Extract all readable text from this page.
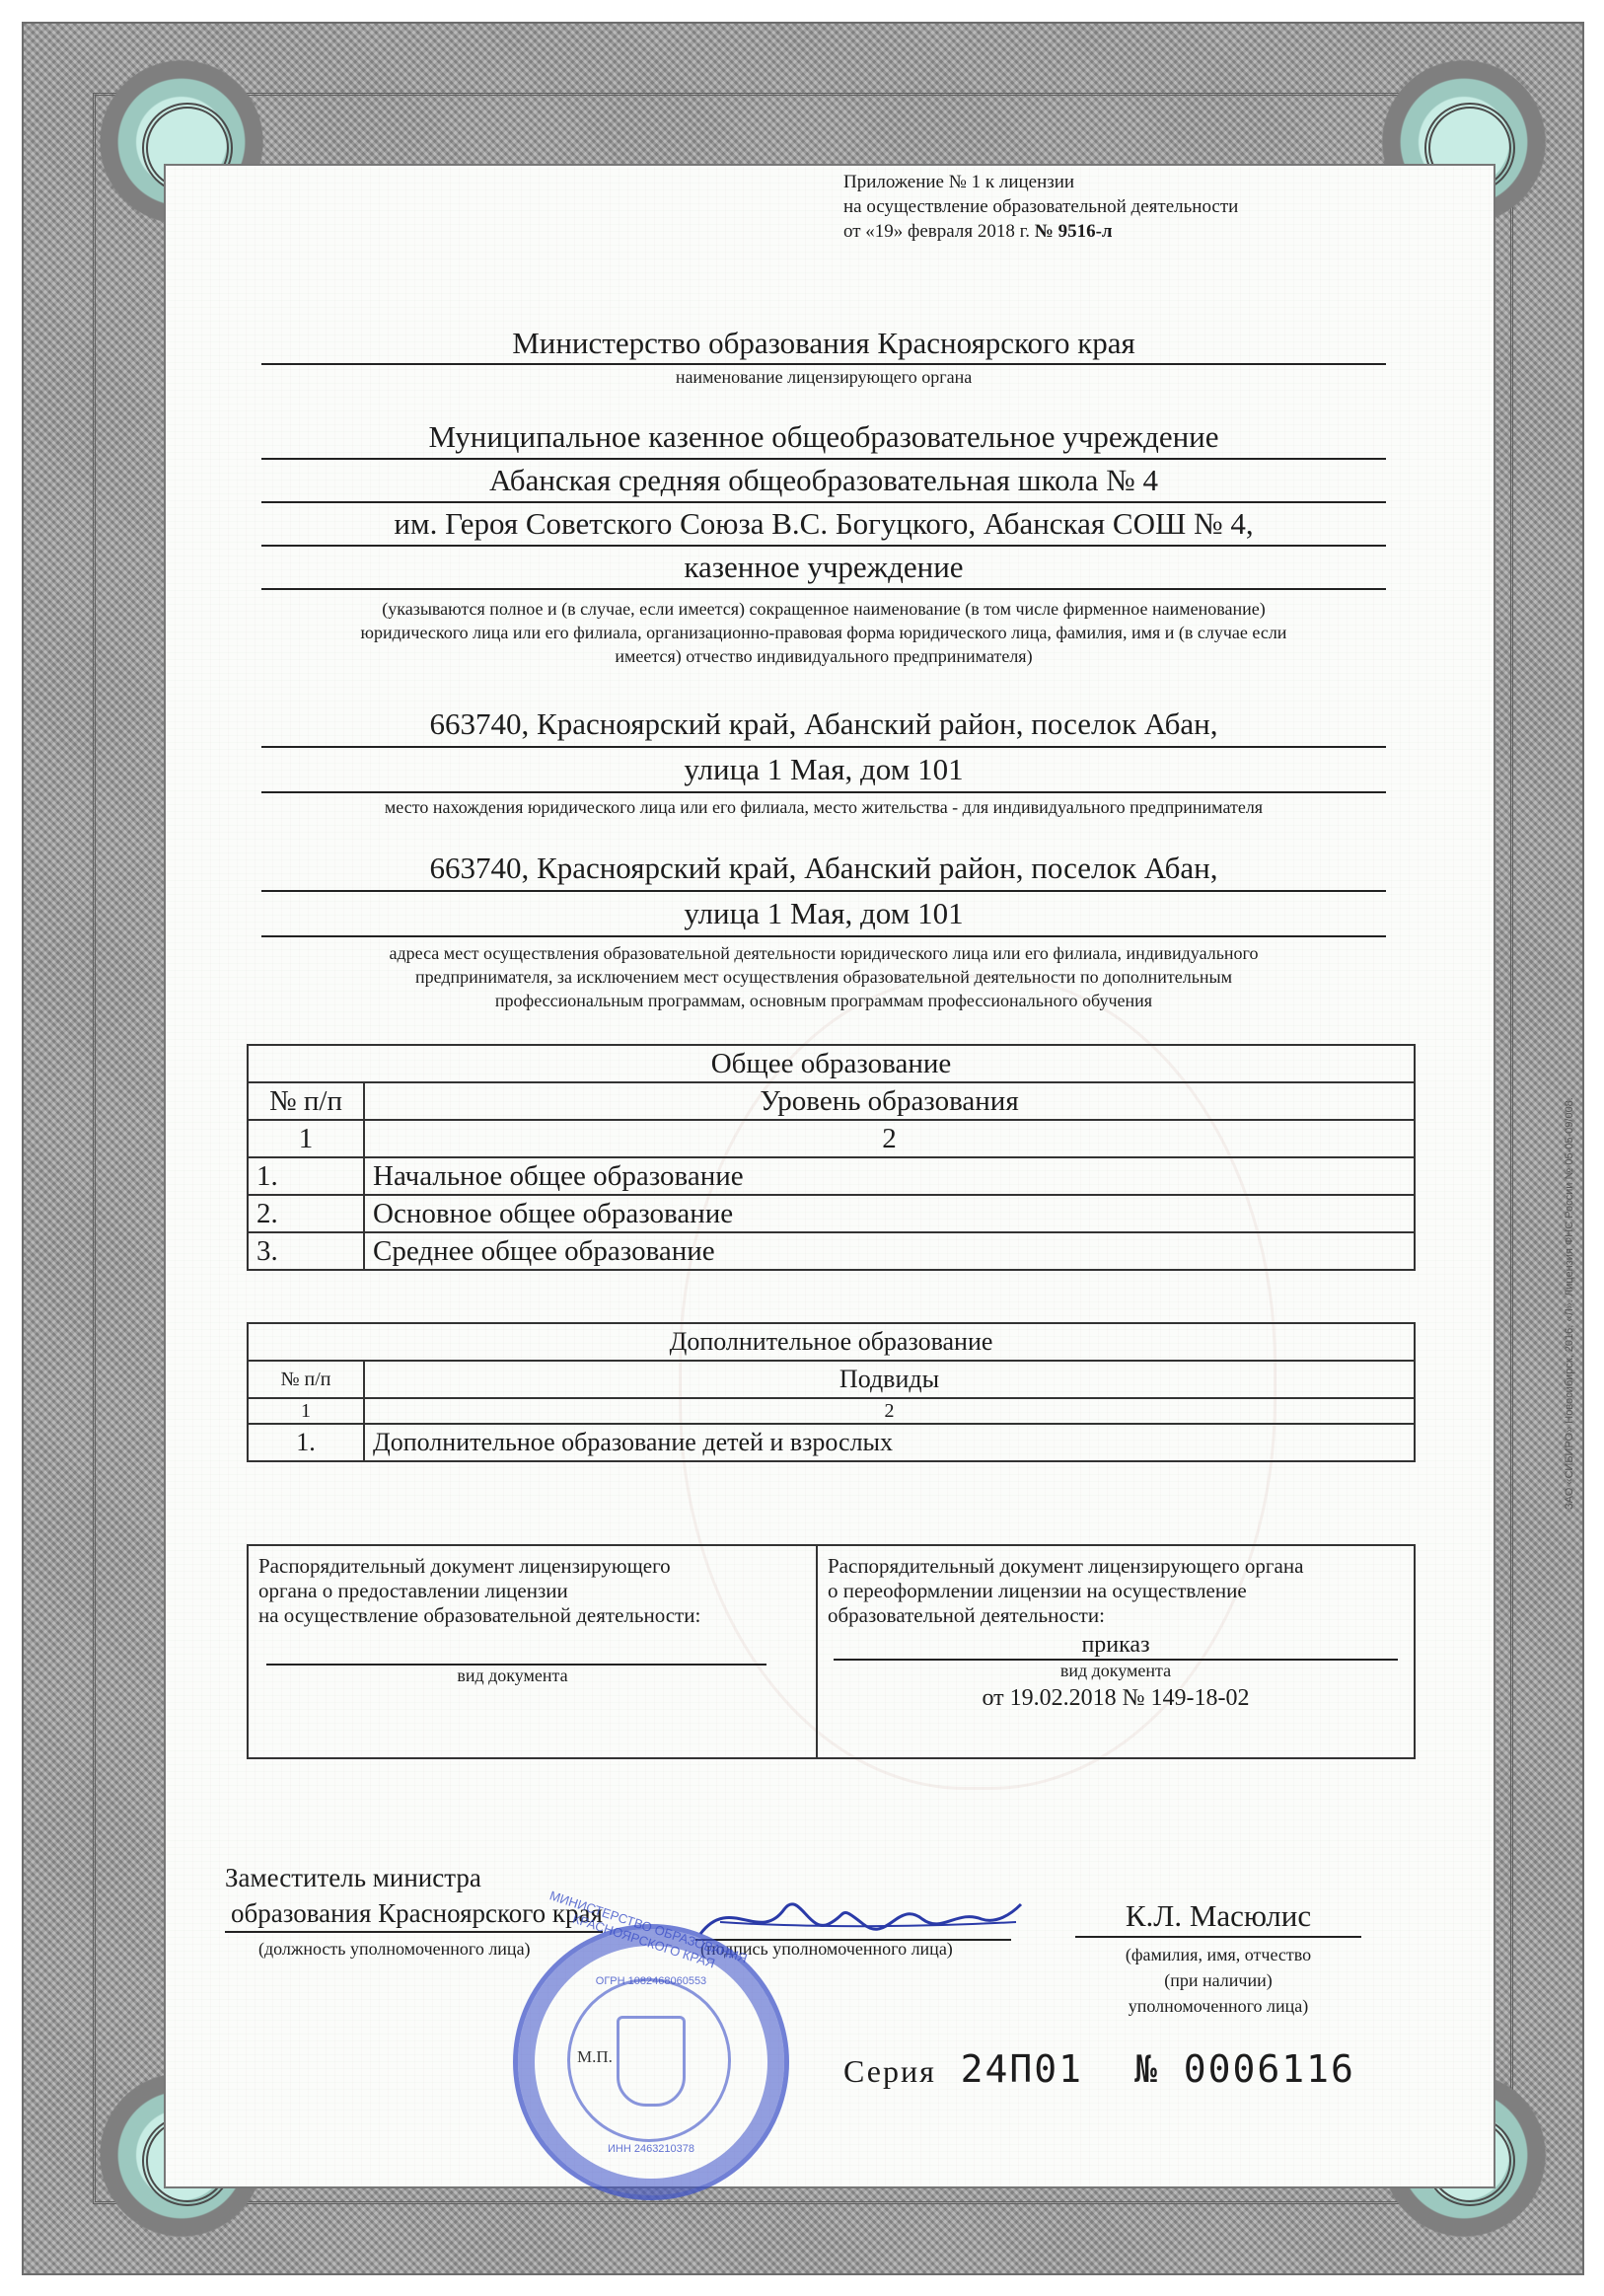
ЗАО «СИБИРО» Новосибирск, 2016, «Л». Лицензия ФНС России № 05-05-09/008.
Приложение № 1 к лицензии
на осуществление образовательной деятельности
от «19» февраля 2018 г. № 9516-л
Министерство образования Красноярского края
наименование лицензирующего органа
Муниципальное казенное общеобразовательное учреждение
Абанская средняя общеобразовательная школа № 4
им. Героя Советского Союза В.С. Богуцкого, Абанская СОШ № 4,
казенное учреждение
(указываются полное и (в случае, если имеется) сокращенное наименование (в том числе фирменное наименование)
юридического лица или его филиала, организационно-правовая форма юридического лица, фамилия, имя и (в случае если
имеется) отчество индивидуального предпринимателя)
663740, Красноярский край, Абанский район, поселок Абан,
улица 1 Мая, дом 101
место нахождения юридического лица или его филиала, место жительства - для индивидуального предпринимателя
663740, Красноярский край, Абанский район, поселок Абан,
улица 1 Мая, дом 101
адреса мест осуществления образовательной деятельности юридического лица или его филиала, индивидуального
предпринимателя, за исключением мест осуществления образовательной деятельности по дополнительным
профессиональным программам, основным программам профессионального обучения
Общее образование	
№ п/п	Уровень образования
1	2
1.	Начальное общее образование
2.	Основное общее образование
3.	Среднее общее образование
Дополнительное образование	
№ п/п	Подвиды
1	2
1.	Дополнительное образование детей и взрослых
Распорядительный документ лицензирующего
органа о предоставлении лицензии
на осуществление образовательной деятельности:
вид документа

Распорядительный документ лицензирующего органа
о переоформлении лицензии на осуществление
образовательной деятельности:
приказ
вид документа
от 19.02.2018 № 149-18-02
Заместитель министра
образования Красноярского края
(должность уполномоченного лица)	(подпись уполномоченного лица)
К.Л. Масюлис
(фамилия, имя, отчество
(при наличии)
уполномоченного лица)
МИНИСТЕРСТВО ОБРАЗОВАНИЯ КРАСНОЯРСКОГО КРАЯ
ОГРН 1082468060553
ИНН 2463210378
М.П.	Серия 24П01 № 0006116
